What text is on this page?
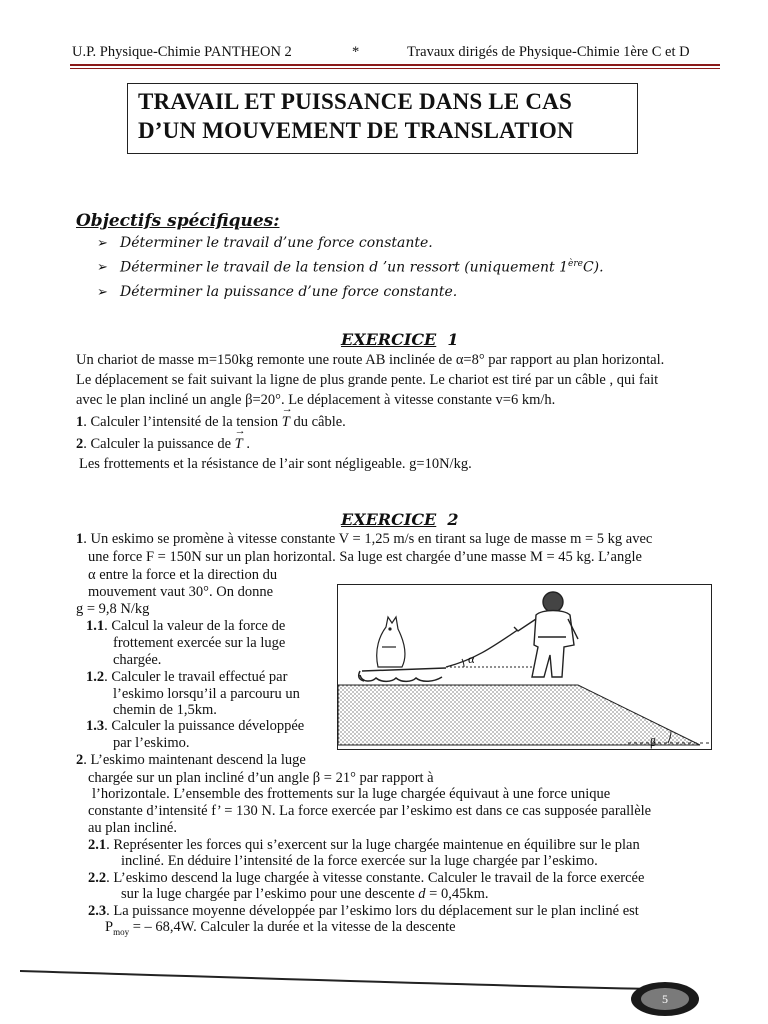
U.P. Physique-Chimie PANTHEON 2	*	Travaux dirigés de Physique-Chimie 1ère C et D
TRAVAIL ET PUISSANCE DANS LE CAS
D’UN MOUVEMENT DE TRANSLATION
Objectifs spécifiques:
➢ Déterminer le travail d’une force constante.
➢ Déterminer le travail de la tension d ’un ressort (uniquement 1èreC).
➢ Déterminer la puissance d’une force constante.
EXERCICE 1
Un chariot de masse m=150kg remonte une route AB inclinée de α=8° par rapport au plan horizontal.
Le déplacement se fait suivant la ligne de plus grande pente. Le chariot est tiré par un câble , qui fait
avec le plan incliné un angle β=20°. Le déplacement à vitesse constante v=6 km/h.
1. Calculer l’intensité de la tension → T du câble.
2. Calculer la puissance de → T .
Les frottements et la résistance de l’air sont négligeable. g=10N/kg.
EXERCICE 2
1. Un eskimo se promène à vitesse constante V = 1,25 m/s en tirant sa luge de masse m = 5 kg avec
une force F = 150N sur un plan horizontal. Sa luge est chargée d’une masse M = 45 kg. L’angle
α entre la force et la direction du
mouvement vaut 30°. On donne
g = 9,8 N/kg
1.1. Calcul la valeur de la force de
frottement exercée sur la luge
chargée.
1.2. Calculer le travail effectué par
l’eskimo lorsqu’il a parcouru un
chemin de 1,5km.
1.3. Calculer la puissance développée
par l’eskimo.
2. L’eskimo maintenant descend la luge
chargée sur un plan incliné d’un angle β = 21° par rapport à
l’horizontale. L’ensemble des frottements sur la luge chargée équivaut à une force unique
constante d’intensité f’ = 130 N. La force exercée par l’eskimo est dans ce cas supposée parallèle
au plan incliné.
2.1. Représenter les forces qui s’exercent sur la luge chargée maintenue en équilibre sur le plan
incliné. En déduire l’intensité de la force exercée sur la luge chargée par l’eskimo.
2.2. L’eskimo descend la luge chargée à vitesse constante. Calculer le travail de la force exercée
sur la luge chargée par l’eskimo pour une descente d = 0,45km.
2.3. La puissance moyenne développée par l’eskimo lors du déplacement sur le plan incliné est
$P_{moy}$ = – 68,4W. Calculer la durée et la vitesse de la descente
α
β
5
